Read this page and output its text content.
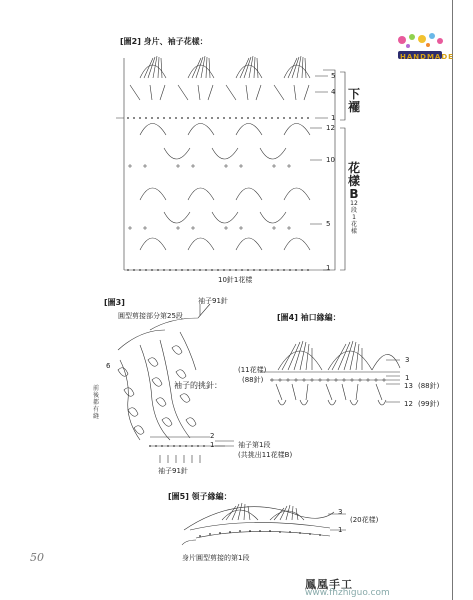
HANDMADE
[圖2] 身片、袖子花樣：
5
4
1
12
10
5
1
下襬
花樣B
12段1花樣
10針1花樣
[圖3]	袖子91針
圓型剪接部分第25段
6
前後都有縫
袖子的挑針：
2
1	袖子第1段
(共挑出11花樣B)
袖子91針
[圖4] 袖口緣編：
(11花樣)
(88針)
3
1
13 (88針)
12 (99針)
[圖5] 領子緣編：
3
(20花樣)
1
身片圓型剪接的第1段
50
鳳凰手工
www.fhzhiguo.com
